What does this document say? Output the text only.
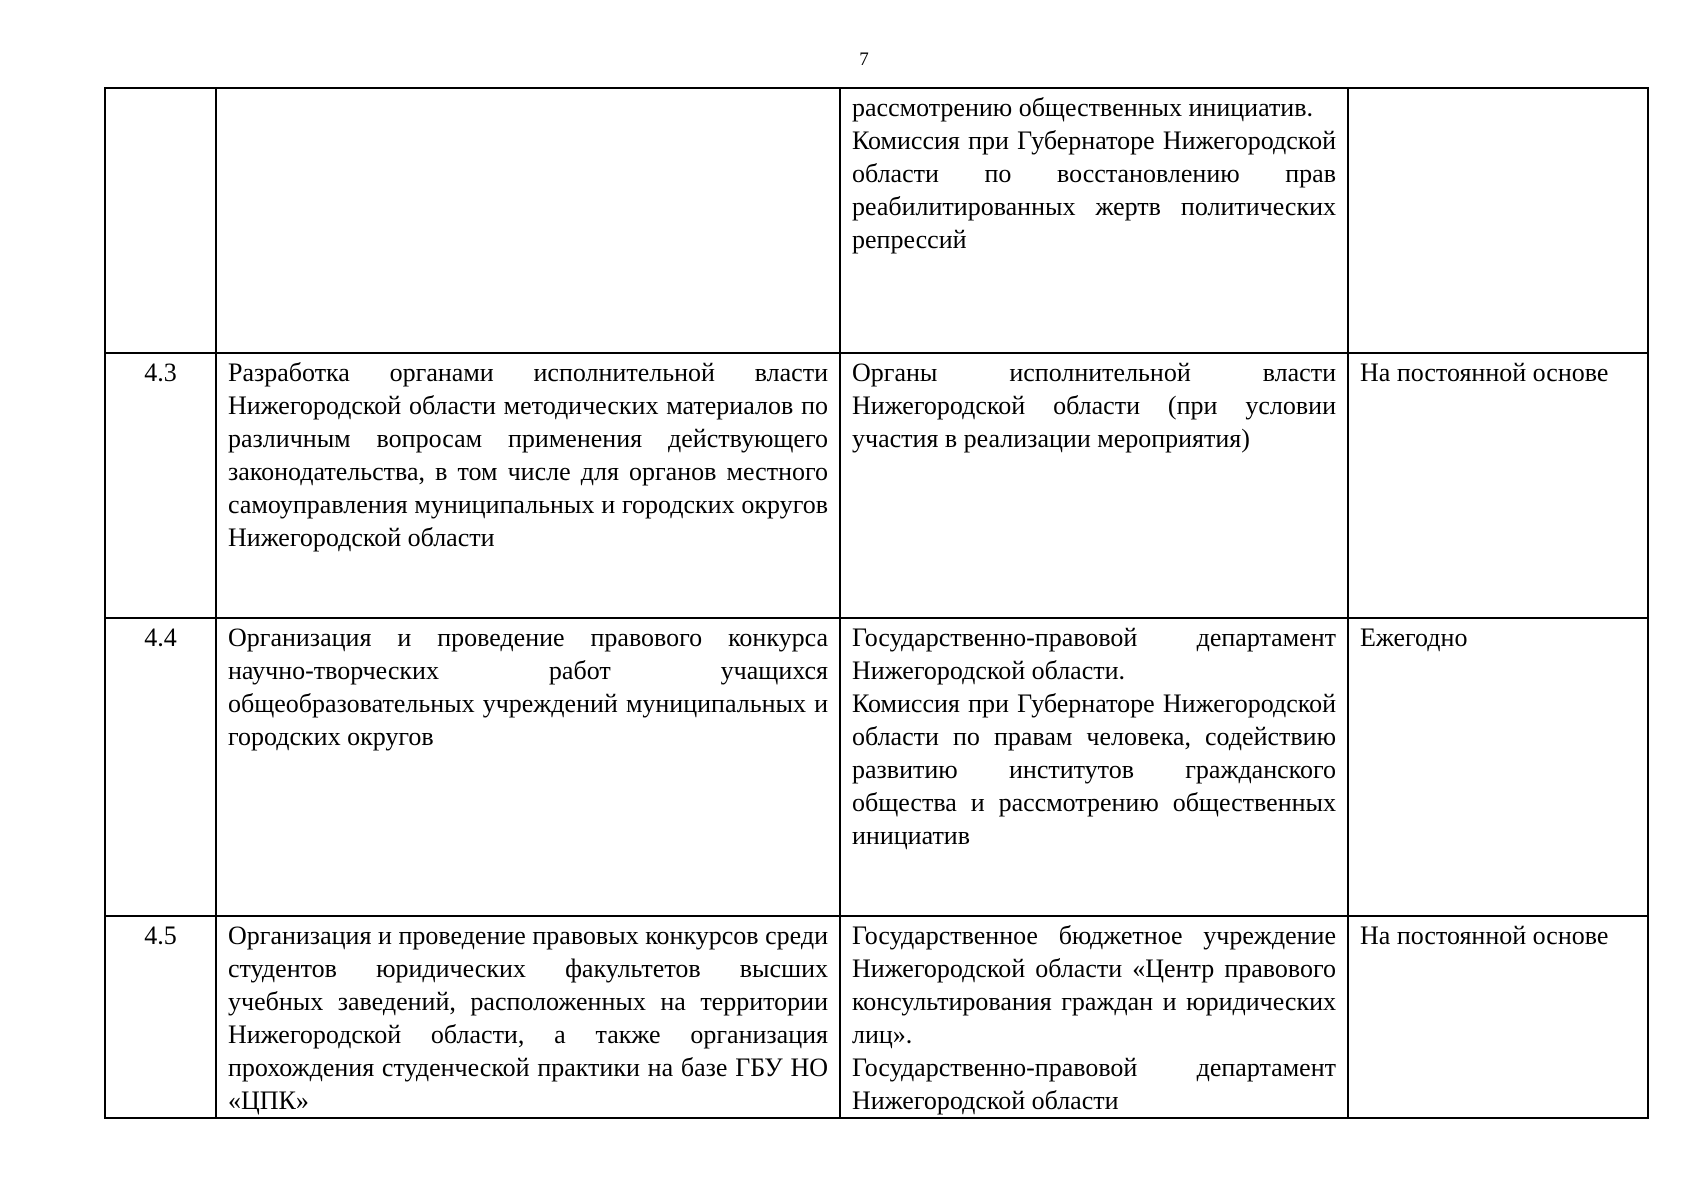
7

		рассмотрению общественных инициатив.
Комиссия при Губернаторе Нижегородской области по восстановлению прав реабилитированных жертв политических репрессий	

4.3	Разработка органами исполнительной власти Нижегородской области методических материалов по различным вопросам применения действующего законодательства, в том числе для органов местного самоуправления муниципальных и городских округов Нижегородской области	Органы исполнительной власти Нижегородской области (при условии участия в реализации мероприятия)	На постоянной основе
4.4	Организация и проведение правового конкурса научно-творческих работ учащихся общеобразовательных учреждений муниципальных и городских округов	Государственно-правовой департамент Нижегородской области.
Комиссия при Губернаторе Нижегородской области по правам человека, содействию развитию институтов гражданского общества и рассмотрению общественных инициатив	Ежегодно
4.5	Организация и проведение правовых конкурсов среди студентов юридических факультетов высших учебных заведений, расположенных на территории Нижегородской области, а также организация прохождения студенческой практики на базе ГБУ НО «ЦПК»	Государственное бюджетное учреждение Нижегородской области «Центр правового консультирования граждан и юридических лиц».
Государственно-правовой департамент Нижегородской области	На постоянной основе
